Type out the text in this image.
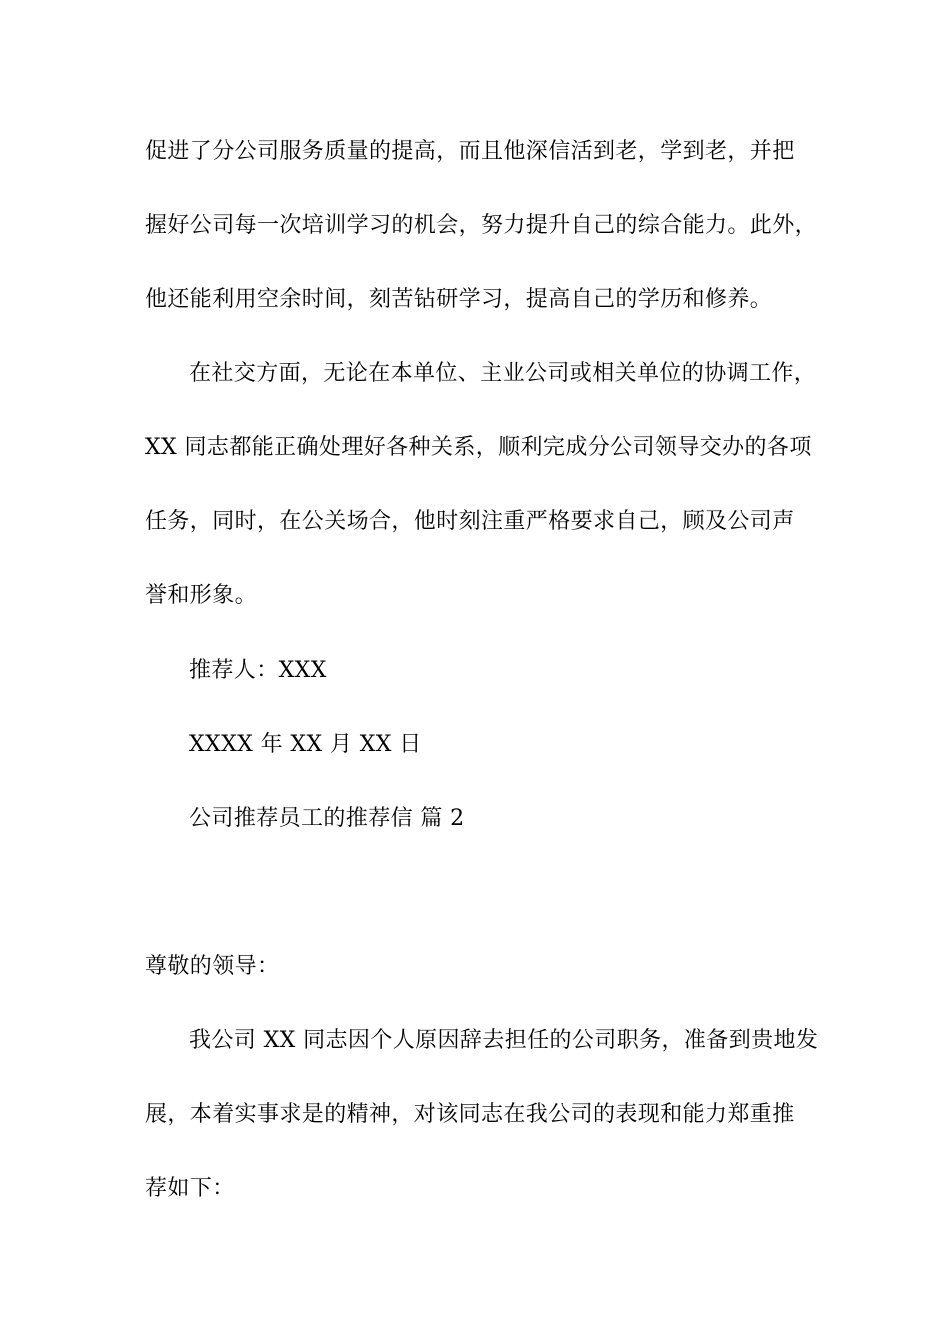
促进了分公司服务质量的提高，而且他深信活到老，学到老，并把
握好公司每一次培训学习的机会，努力提升自己的综合能力。此外，
他还能利用空余时间，刻苦钻研学习，提高自己的学历和修养。
在社交方面，无论在本单位、主业公司或相关单位的协调工作，
XX 同志都能正确处理好各种关系，顺利完成分公司领导交办的各项
任务，同时，在公关场合，他时刻注重严格要求自己，顾及公司声
誉和形象。
推荐人：XXX
XXXX 年 XX 月 XX 日
公司推荐员工的推荐信 篇 2
尊敬的领导：
我公司 XX 同志因个人原因辞去担任的公司职务，准备到贵地发
展，本着实事求是的精神，对该同志在我公司的表现和能力郑重推
荐如下：
